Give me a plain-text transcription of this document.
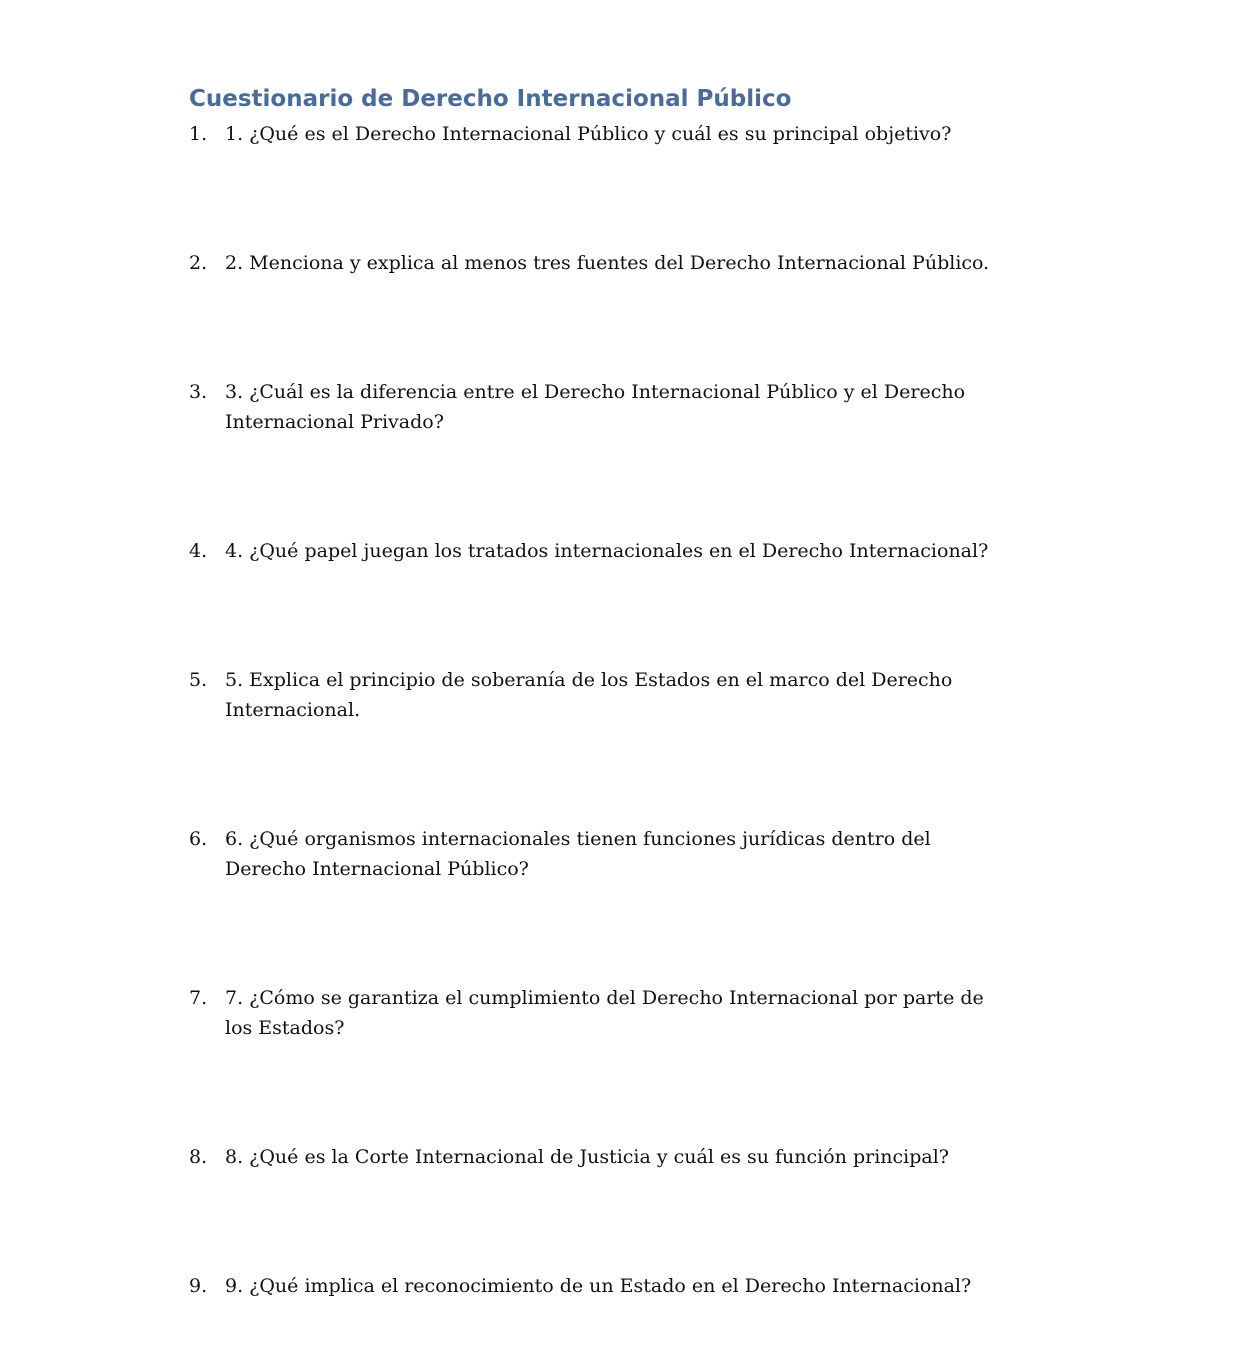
Cuestionario de Derecho Internacional Público
1. 1. ¿Qué es el Derecho Internacional Público y cuál es su principal objetivo?
2. 2. Menciona y explica al menos tres fuentes del Derecho Internacional Público.
3. 3. ¿Cuál es la diferencia entre el Derecho Internacional Público y el Derecho Internacional Privado?
4. 4. ¿Qué papel juegan los tratados internacionales en el Derecho Internacional?
5. 5. Explica el principio de soberanía de los Estados en el marco del Derecho Internacional.
6. 6. ¿Qué organismos internacionales tienen funciones jurídicas dentro del Derecho Internacional Público?
7. 7. ¿Cómo se garantiza el cumplimiento del Derecho Internacional por parte de los Estados?
8. 8. ¿Qué es la Corte Internacional de Justicia y cuál es su función principal?
9. 9. ¿Qué implica el reconocimiento de un Estado en el Derecho Internacional?
